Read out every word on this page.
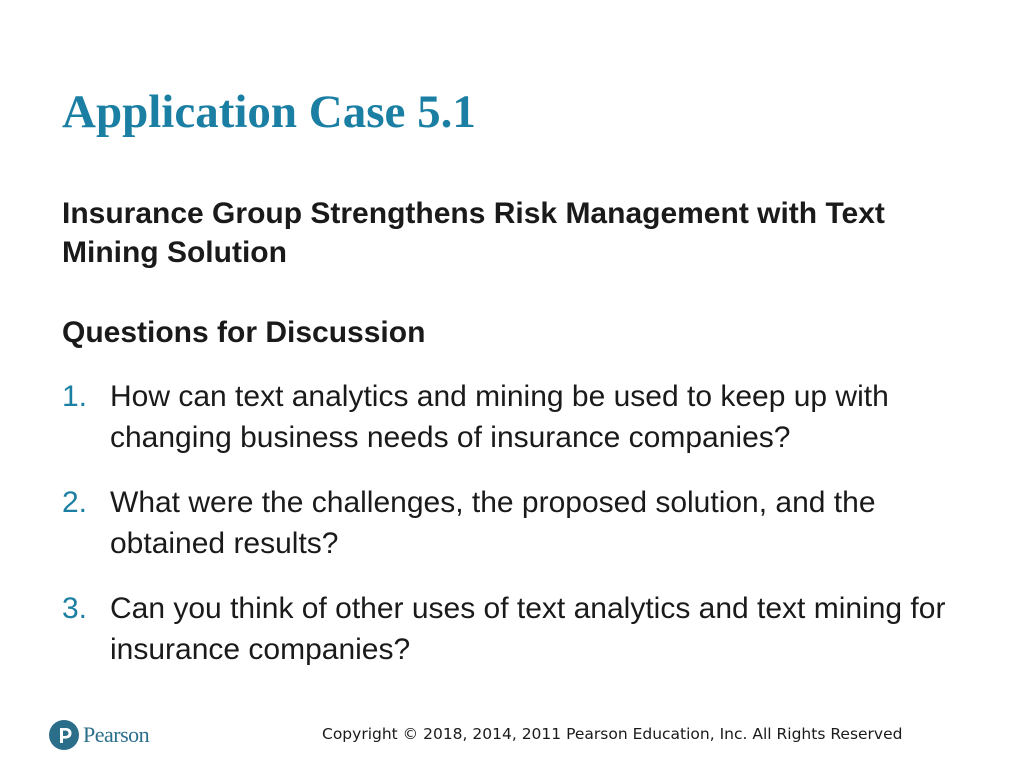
Application Case 5.1
Insurance Group Strengthens Risk Management with Text Mining Solution
Questions for Discussion
1. How can text analytics and mining be used to keep up with changing business needs of insurance companies?
2. What were the challenges, the proposed solution, and the obtained results?
3. Can you think of other uses of text analytics and text mining for insurance companies?
Pearson	Copyright © 2018, 2014, 2011 Pearson Education, Inc. All Rights Reserved
